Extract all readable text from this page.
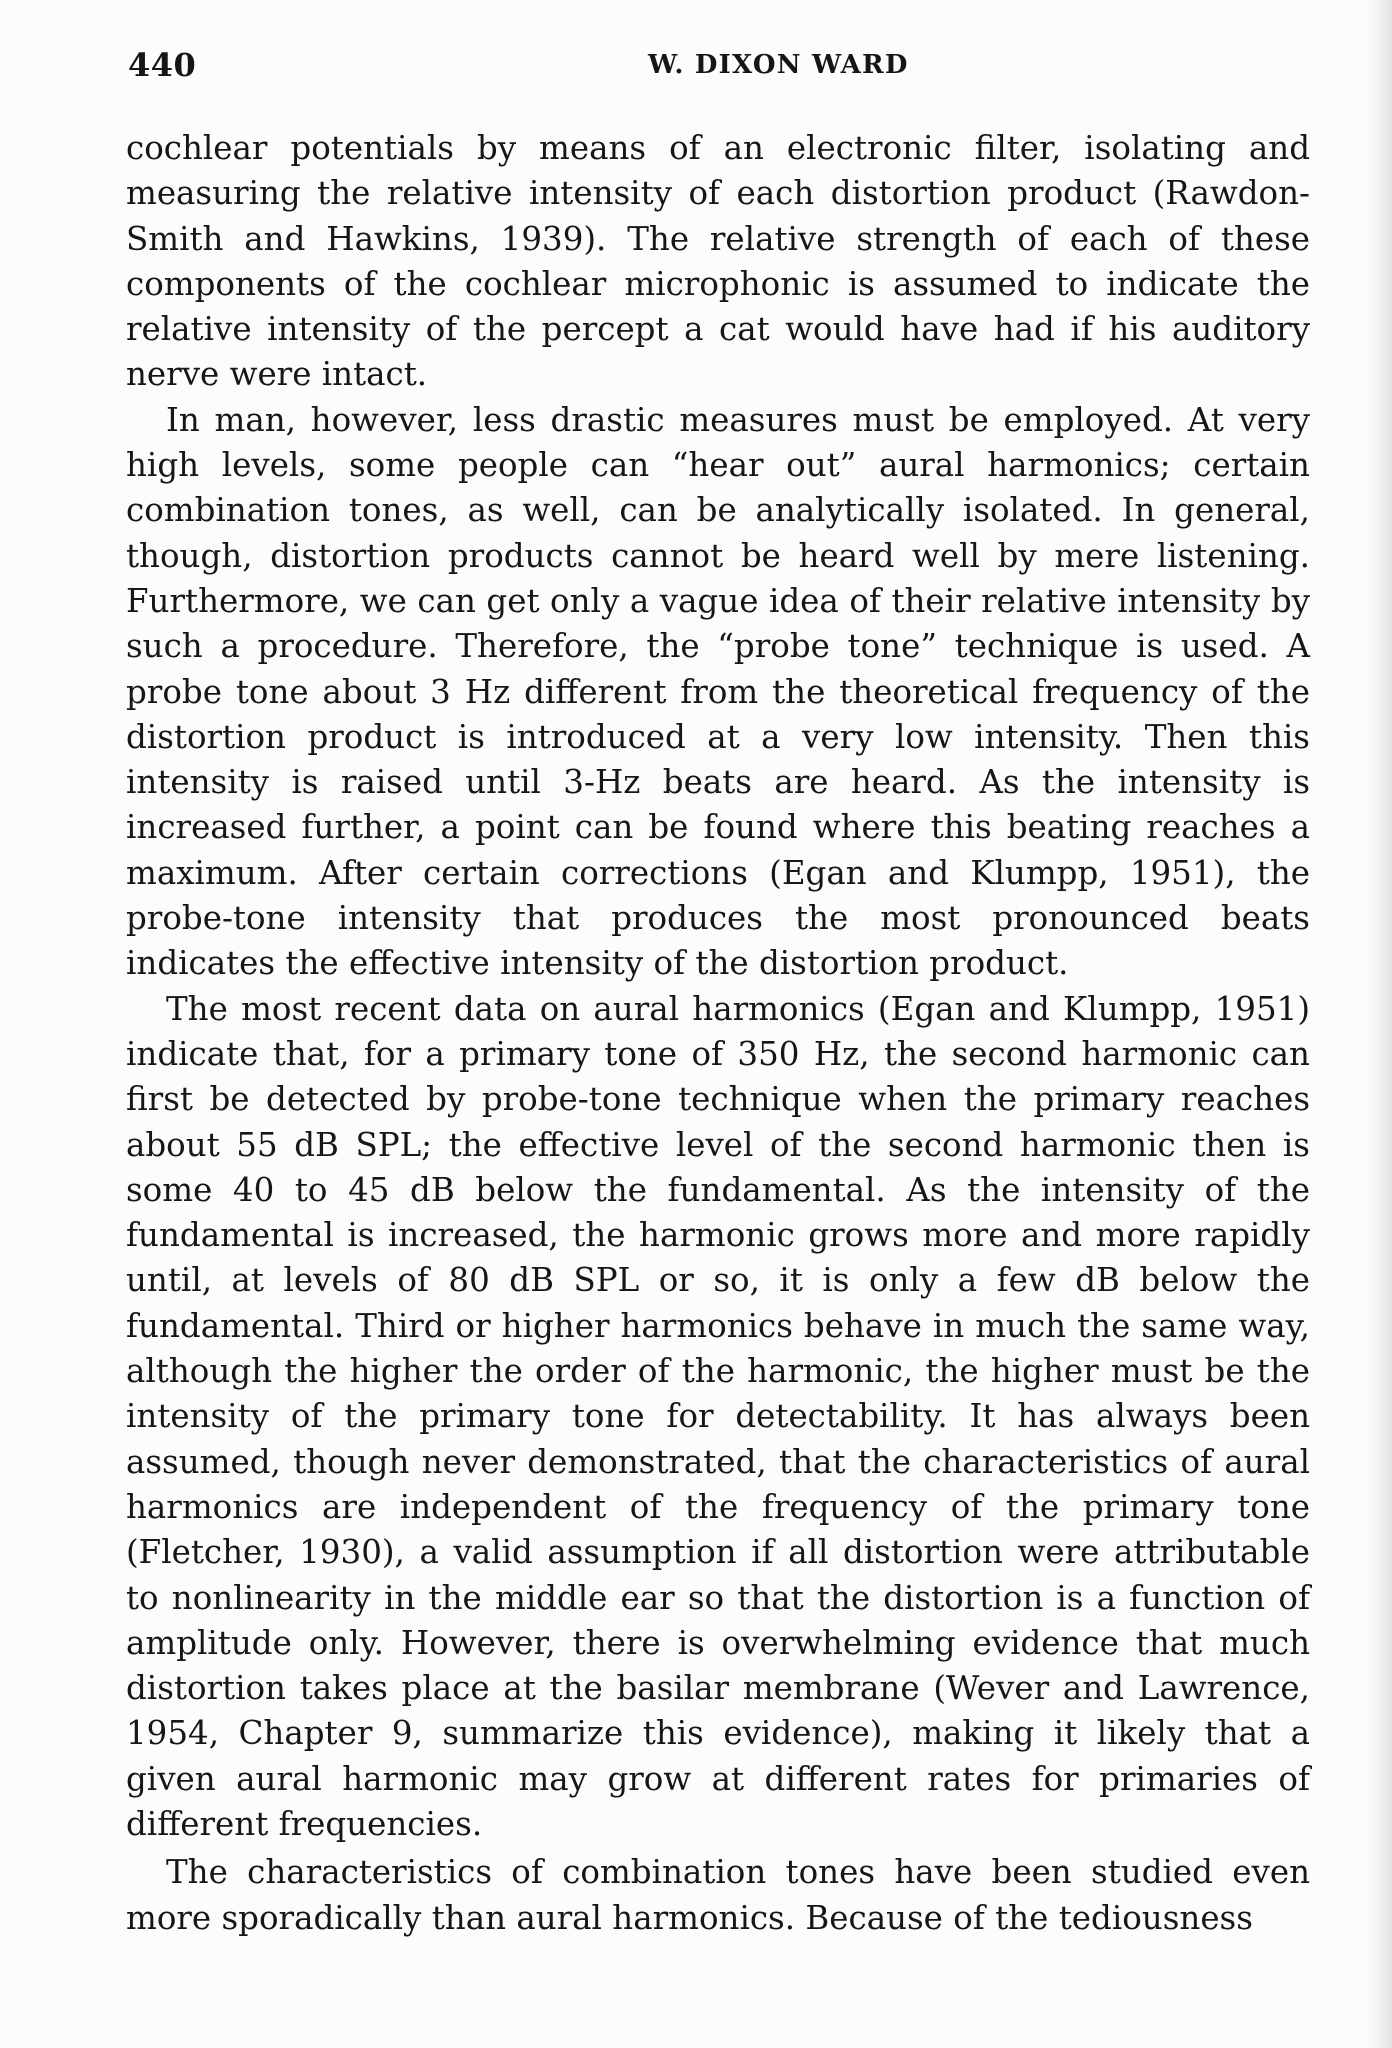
440	W. DIXON WARD

cochlear potentials by means of an electronic filter, isolating and measuring the relative intensity of each distortion product (Rawdon-Smith and Hawkins, 1939). The relative strength of each of these components of the cochlear microphonic is assumed to indicate the relative intensity of the percept a cat would have had if his auditory nerve were intact.

In man, however, less drastic measures must be employed. At very high levels, some people can “hear out” aural harmonics; certain combination tones, as well, can be analytically isolated. In general, though, distortion products cannot be heard well by mere listening. Furthermore, we can get only a vague idea of their relative intensity by such a procedure. Therefore, the “probe tone” technique is used. A probe tone about 3 Hz different from the theoretical frequency of the distortion product is introduced at a very low intensity. Then this intensity is raised until 3-Hz beats are heard. As the intensity is increased further, a point can be found where this beating reaches a maximum. After certain corrections (Egan and Klumpp, 1951), the probe-tone intensity that produces the most pronounced beats indicates the effective intensity of the distortion product.

The most recent data on aural harmonics (Egan and Klumpp, 1951) indicate that, for a primary tone of 350 Hz, the second harmonic can first be detected by probe-tone technique when the primary reaches about 55 dB SPL; the effective level of the second harmonic then is some 40 to 45 dB below the fundamental. As the intensity of the fundamental is increased, the harmonic grows more and more rapidly until, at levels of 80 dB SPL or so, it is only a few dB below the fundamental. Third or higher harmonics behave in much the same way, although the higher the order of the harmonic, the higher must be the intensity of the primary tone for detectability. It has always been assumed, though never demonstrated, that the characteristics of aural harmonics are independent of the frequency of the primary tone (Fletcher, 1930), a valid assumption if all distortion were attributable to nonlinearity in the middle ear so that the distortion is a function of amplitude only. However, there is overwhelming evidence that much distortion takes place at the basilar membrane (Wever and Lawrence, 1954, Chapter 9, summarize this evidence), making it likely that a given aural harmonic may grow at different rates for primaries of different frequencies.

The characteristics of combination tones have been studied even more sporadically than aural harmonics. Because of the tediousness
